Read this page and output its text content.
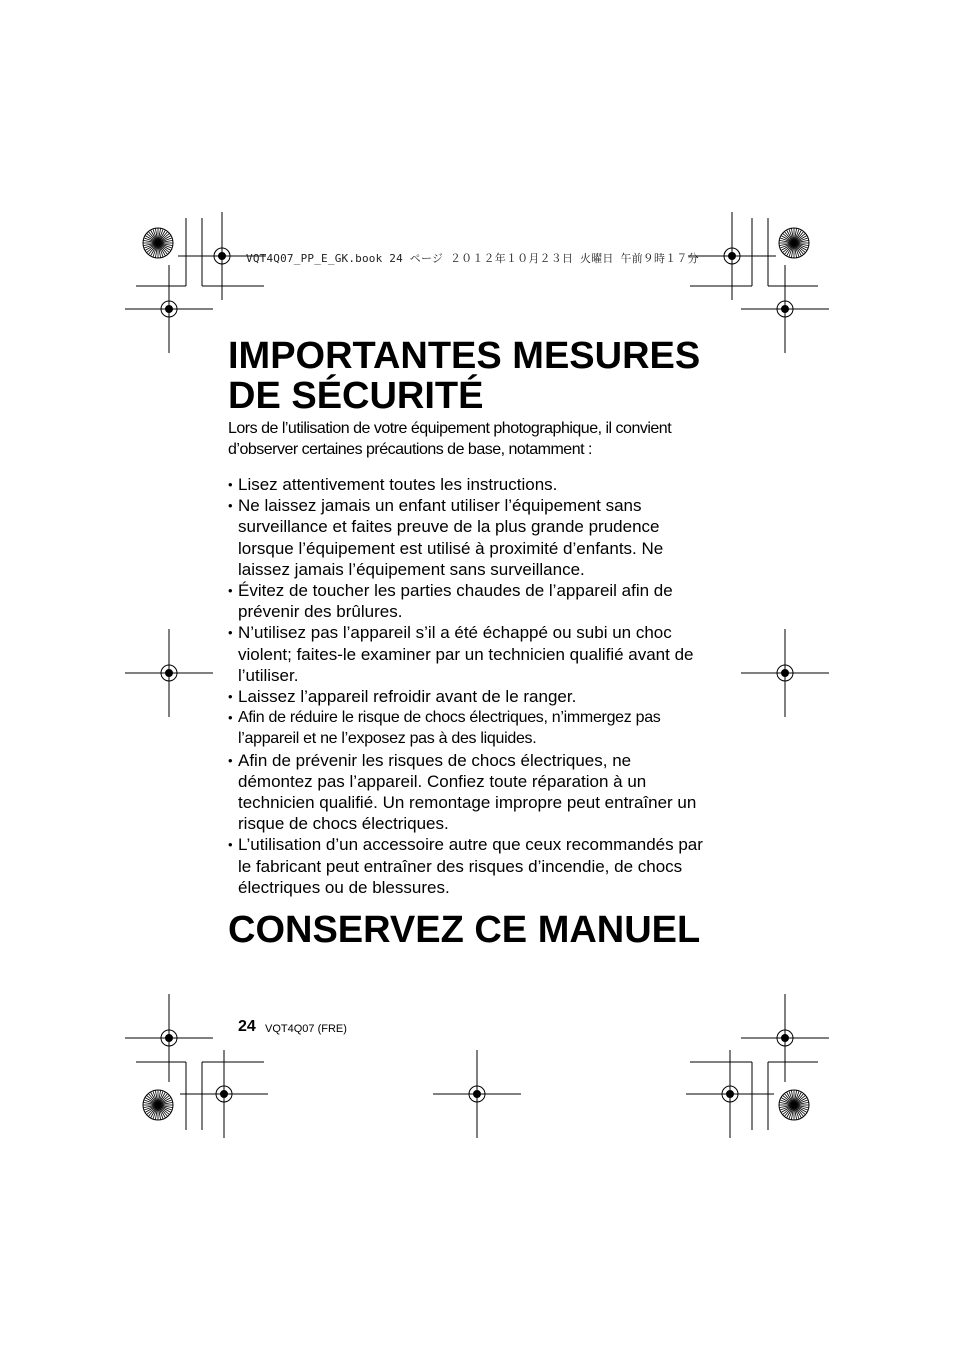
VQT4Q07_PP_E_GK.book 24 ページ ２０１２年１０月２３日 火曜日 午前９時１７分
IMPORTANTES MESURES
DE SÉCURITÉ

Lors de l’utilisation de votre équipement photographique, il convient d’observer certaines précautions de base, notamment :

• Lisez attentivement toutes les instructions.
• Ne laissez jamais un enfant utiliser l’équipement sans surveillance et faites preuve de la plus grande prudence lorsque l’équipement est utilisé à proximité d’enfants. Ne laissez jamais l’équipement sans surveillance.
• Évitez de toucher les parties chaudes de l’appareil afin de prévenir des brûlures.
• N’utilisez pas l’appareil s’il a été échappé ou subi un choc violent; faites-le examiner par un technicien qualifié avant de l’utiliser.
• Laissez l’appareil refroidir avant de le ranger.
• Afin de réduire le risque de chocs électriques, n’immergez pas l’appareil et ne l’exposez pas à des liquides.
• Afin de prévenir les risques de chocs électriques, ne démontez pas l’appareil. Confiez toute réparation à un technicien qualifié. Un remontage impropre peut entraîner un risque de chocs électriques.
• L’utilisation d’un accessoire autre que ceux recommandés par le fabricant peut entraîner des risques d’incendie, de chocs électriques ou de blessures.
CONSERVEZ CE MANUEL
24 VQT4Q07 (FRE)
